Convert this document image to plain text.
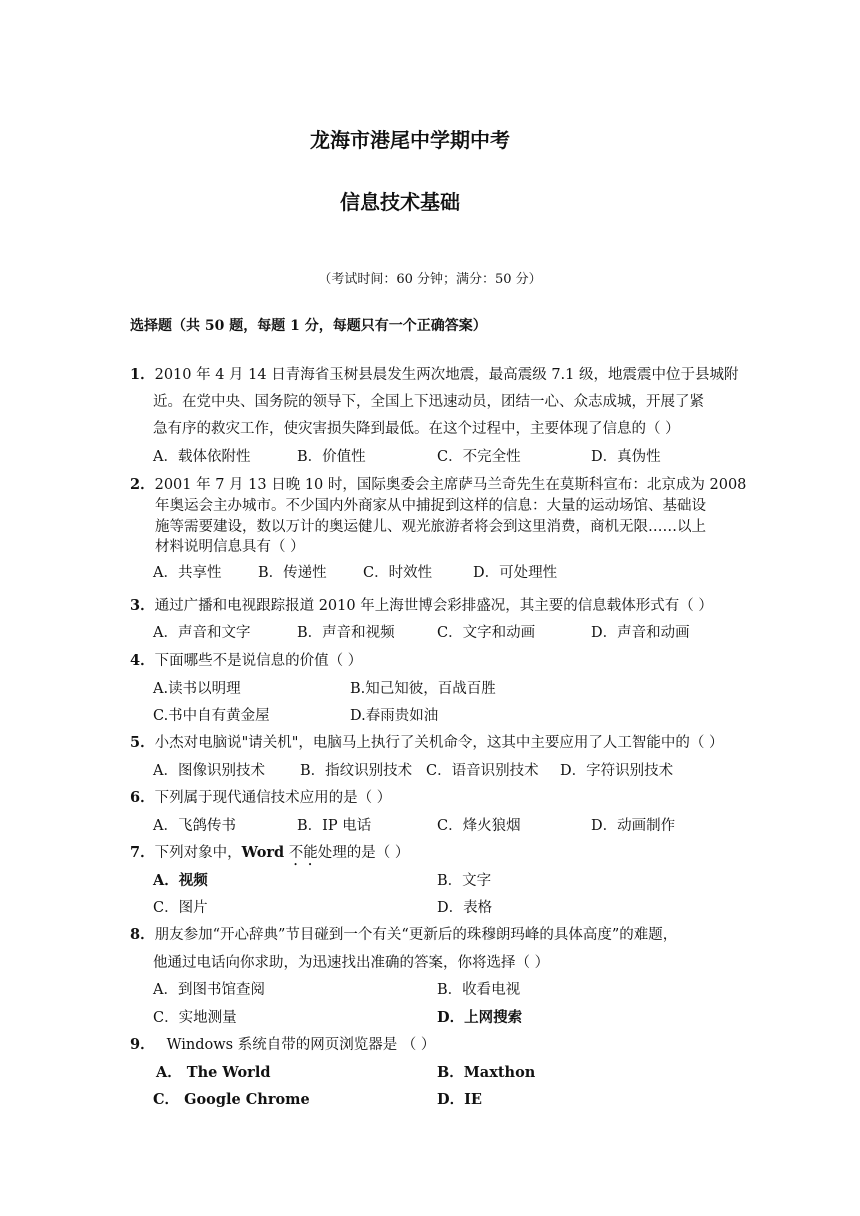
龙海市港尾中学期中考
信息技术基础
（考试时间：60 分钟；满分：50 分）
选择题（共 50 题，每题 1 分，每题只有一个正确答案）
1．2010 年 4 月 14 日青海省玉树县晨发生两次地震，最高震级 7.1 级，地震震中位于县城附
近。在党中央、国务院的领导下，全国上下迅速动员，团结一心、众志成城，开展了紧
急有序的救灾工作，使灾害损失降到最低。在这个过程中，主要体现了信息的（ ）
A．载体依附性	B．价值性	C．不完全性	D．真伪性
2．2001 年 7 月 13 日晚 10 时，国际奥委会主席萨马兰奇先生在莫斯科宣布：北京成为 2008
年奥运会主办城市。不少国内外商家从中捕捉到这样的信息：大量的运动场馆、基础设
施等需要建设，数以万计的奥运健儿、观光旅游者将会到这里消费，商机无限……以上
材料说明信息具有（ ）
A．共享性	B．传递性	C．时效性	D．可处理性
3．通过广播和电视跟踪报道 2010 年上海世博会彩排盛况，其主要的信息载体形式有（ ）
A．声音和文字	B．声音和视频	C．文字和动画	D．声音和动画
4．下面哪些不是说信息的价值（ ）
A.读书以明理	B.知己知彼，百战百胜
C.书中自有黄金屋	D.春雨贵如油
5．小杰对电脑说"请关机"，电脑马上执行了关机命令，这其中主要应用了人工智能中的（ ）
A．图像识别技术 B．指纹识别技术 C．语音识别技术 D．字符识别技术
6．下列属于现代通信技术应用的是（ ）
A．飞鸽传书	B．IP 电话	C．烽火狼烟	D．动画制作
7．下列对象中，Word 不能处理的是（ ）
A．视频	B．文字
C．图片	D．表格
8．朋友参加“开心辞典”节目碰到一个有关“更新后的珠穆朗玛峰的具体高度”的难题，
他通过电话向你求助，为迅速找出准确的答案，你将选择（ ）
A．到图书馆查阅	B．收看电视
C．实地测量	D．上网搜索
9． Windows 系统自带的网页浏览器是 （ ）
A． The World	B．Maxthon
C． Google Chrome	D．IE
